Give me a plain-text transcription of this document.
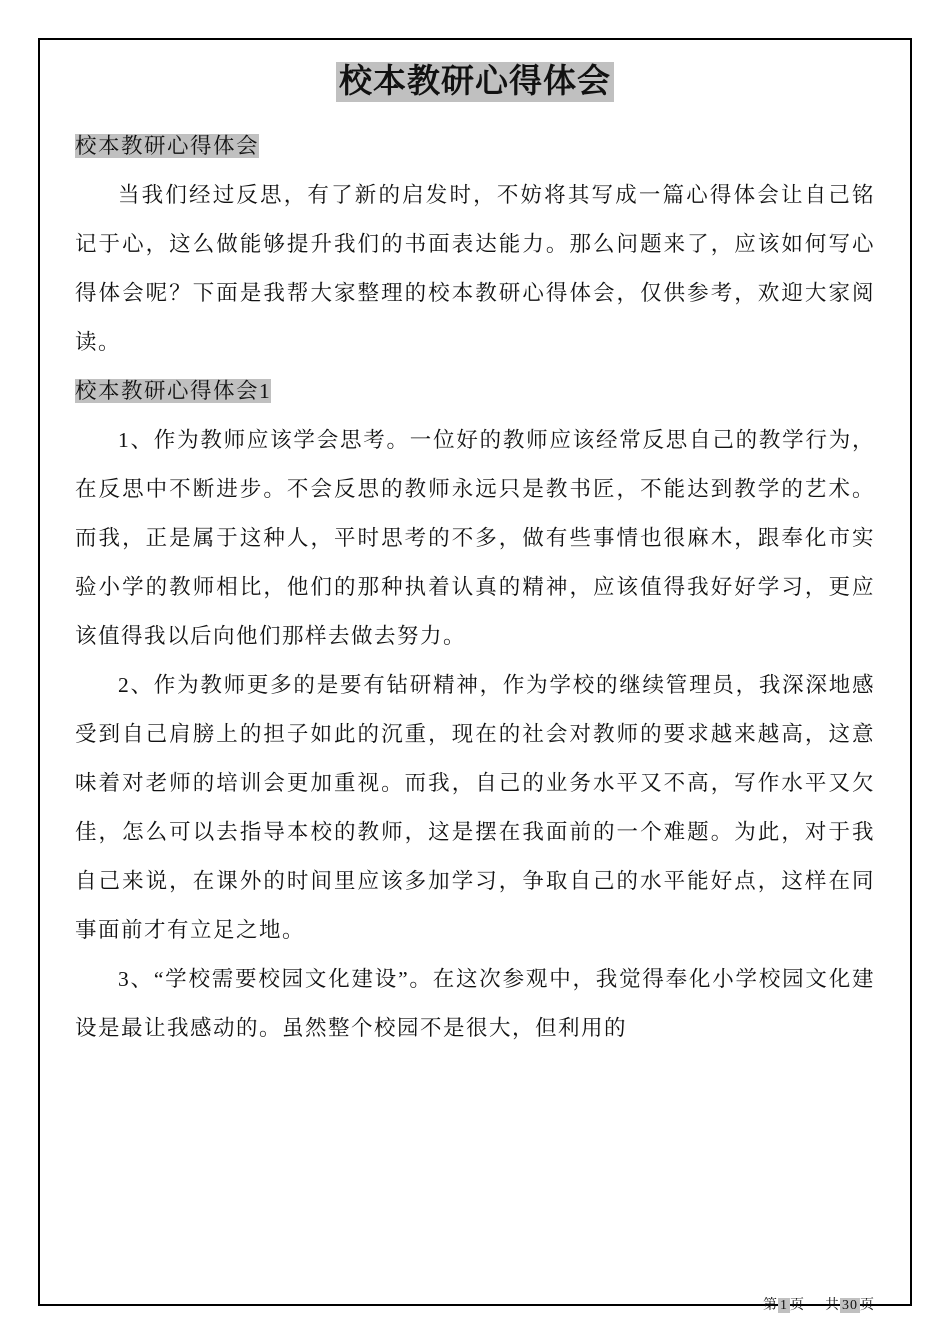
校本教研心得体会

校本教研心得体会

当我们经过反思，有了新的启发时，不妨将其写成一篇心得体会让自己铭记于心，这么做能够提升我们的书面表达能力。那么问题来了，应该如何写心得体会呢？下面是我帮大家整理的校本教研心得体会，仅供参考，欢迎大家阅读。

校本教研心得体会1

1、作为教师应该学会思考。一位好的教师应该经常反思自己的教学行为，在反思中不断进步。不会反思的教师永远只是教书匠，不能达到教学的艺术。而我，正是属于这种人，平时思考的不多，做有些事情也很麻木，跟奉化市实验小学的教师相比，他们的那种执着认真的精神，应该值得我好好学习，更应该值得我以后向他们那样去做去努力。

2、作为教师更多的是要有钻研精神，作为学校的继续管理员，我深深地感受到自己肩膀上的担子如此的沉重，现在的社会对教师的要求越来越高，这意味着对老师的培训会更加重视。而我，自己的业务水平又不高，写作水平又欠佳，怎么可以去指导本校的教师，这是摆在我面前的一个难题。为此，对于我自己来说，在课外的时间里应该多加学习，争取自己的水平能好点，这样在同事面前才有立足之地。

3、“学校需要校园文化建设”。在这次参观中，我觉得奉化小学校园文化建设是最让我感动的。虽然整个校园不是很大，但利用的

第 1 页 共 30 页
